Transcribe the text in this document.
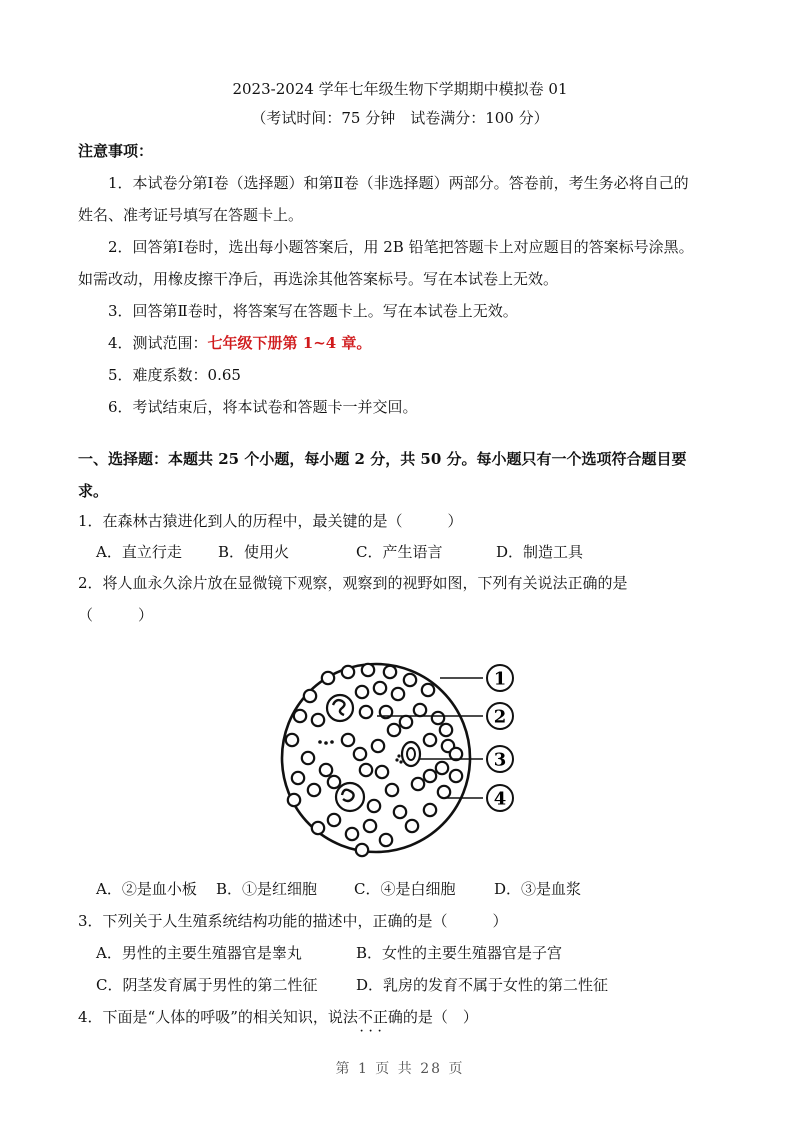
2023-2024 学年七年级生物下学期期中模拟卷 01
（考试时间：75 分钟　试卷满分：100 分）
注意事项：
1．本试卷分第Ⅰ卷（选择题）和第Ⅱ卷（非选择题）两部分。答卷前，考生务必将自己的
姓名、准考证号填写在答题卡上。
2．回答第Ⅰ卷时，选出每小题答案后，用 2B 铅笔把答题卡上对应题目的答案标号涂黑。
如需改动，用橡皮擦干净后，再选涂其他答案标号。写在本试卷上无效。
3．回答第Ⅱ卷时，将答案写在答题卡上。写在本试卷上无效。
4．测试范围：七年级下册第 1~4 章。
5．难度系数：0.65
6．考试结束后，将本试卷和答题卡一并交回。
一、选择题：本题共 25 个小题，每小题 2 分，共 50 分。每小题只有一个选项符合题目要
求。
1．在森林古猿进化到人的历程中，最关键的是（　　　）
A．直立行走 B．使用火	C．产生语言	D．制造工具
2．将人血永久涂片放在显微镜下观察，观察到的视野如图，下列有关说法正确的是
（　　　）
1
2
3
4
A．②是血小板 B．①是红细胞 C．④是白细胞	D．③是血浆
3．下列关于人生殖系统结构功能的描述中，正确的是（　　　）
A．男性的主要生殖器官是睾丸	B．女性的主要生殖器官是子宫
C．阴茎发育属于男性的第二性征	D．乳房的发育不属于女性的第二性征
4．下面是“人体的呼吸”的相关知识，说法不正确 · · ·的是（　）
第 1 页 共 28 页
